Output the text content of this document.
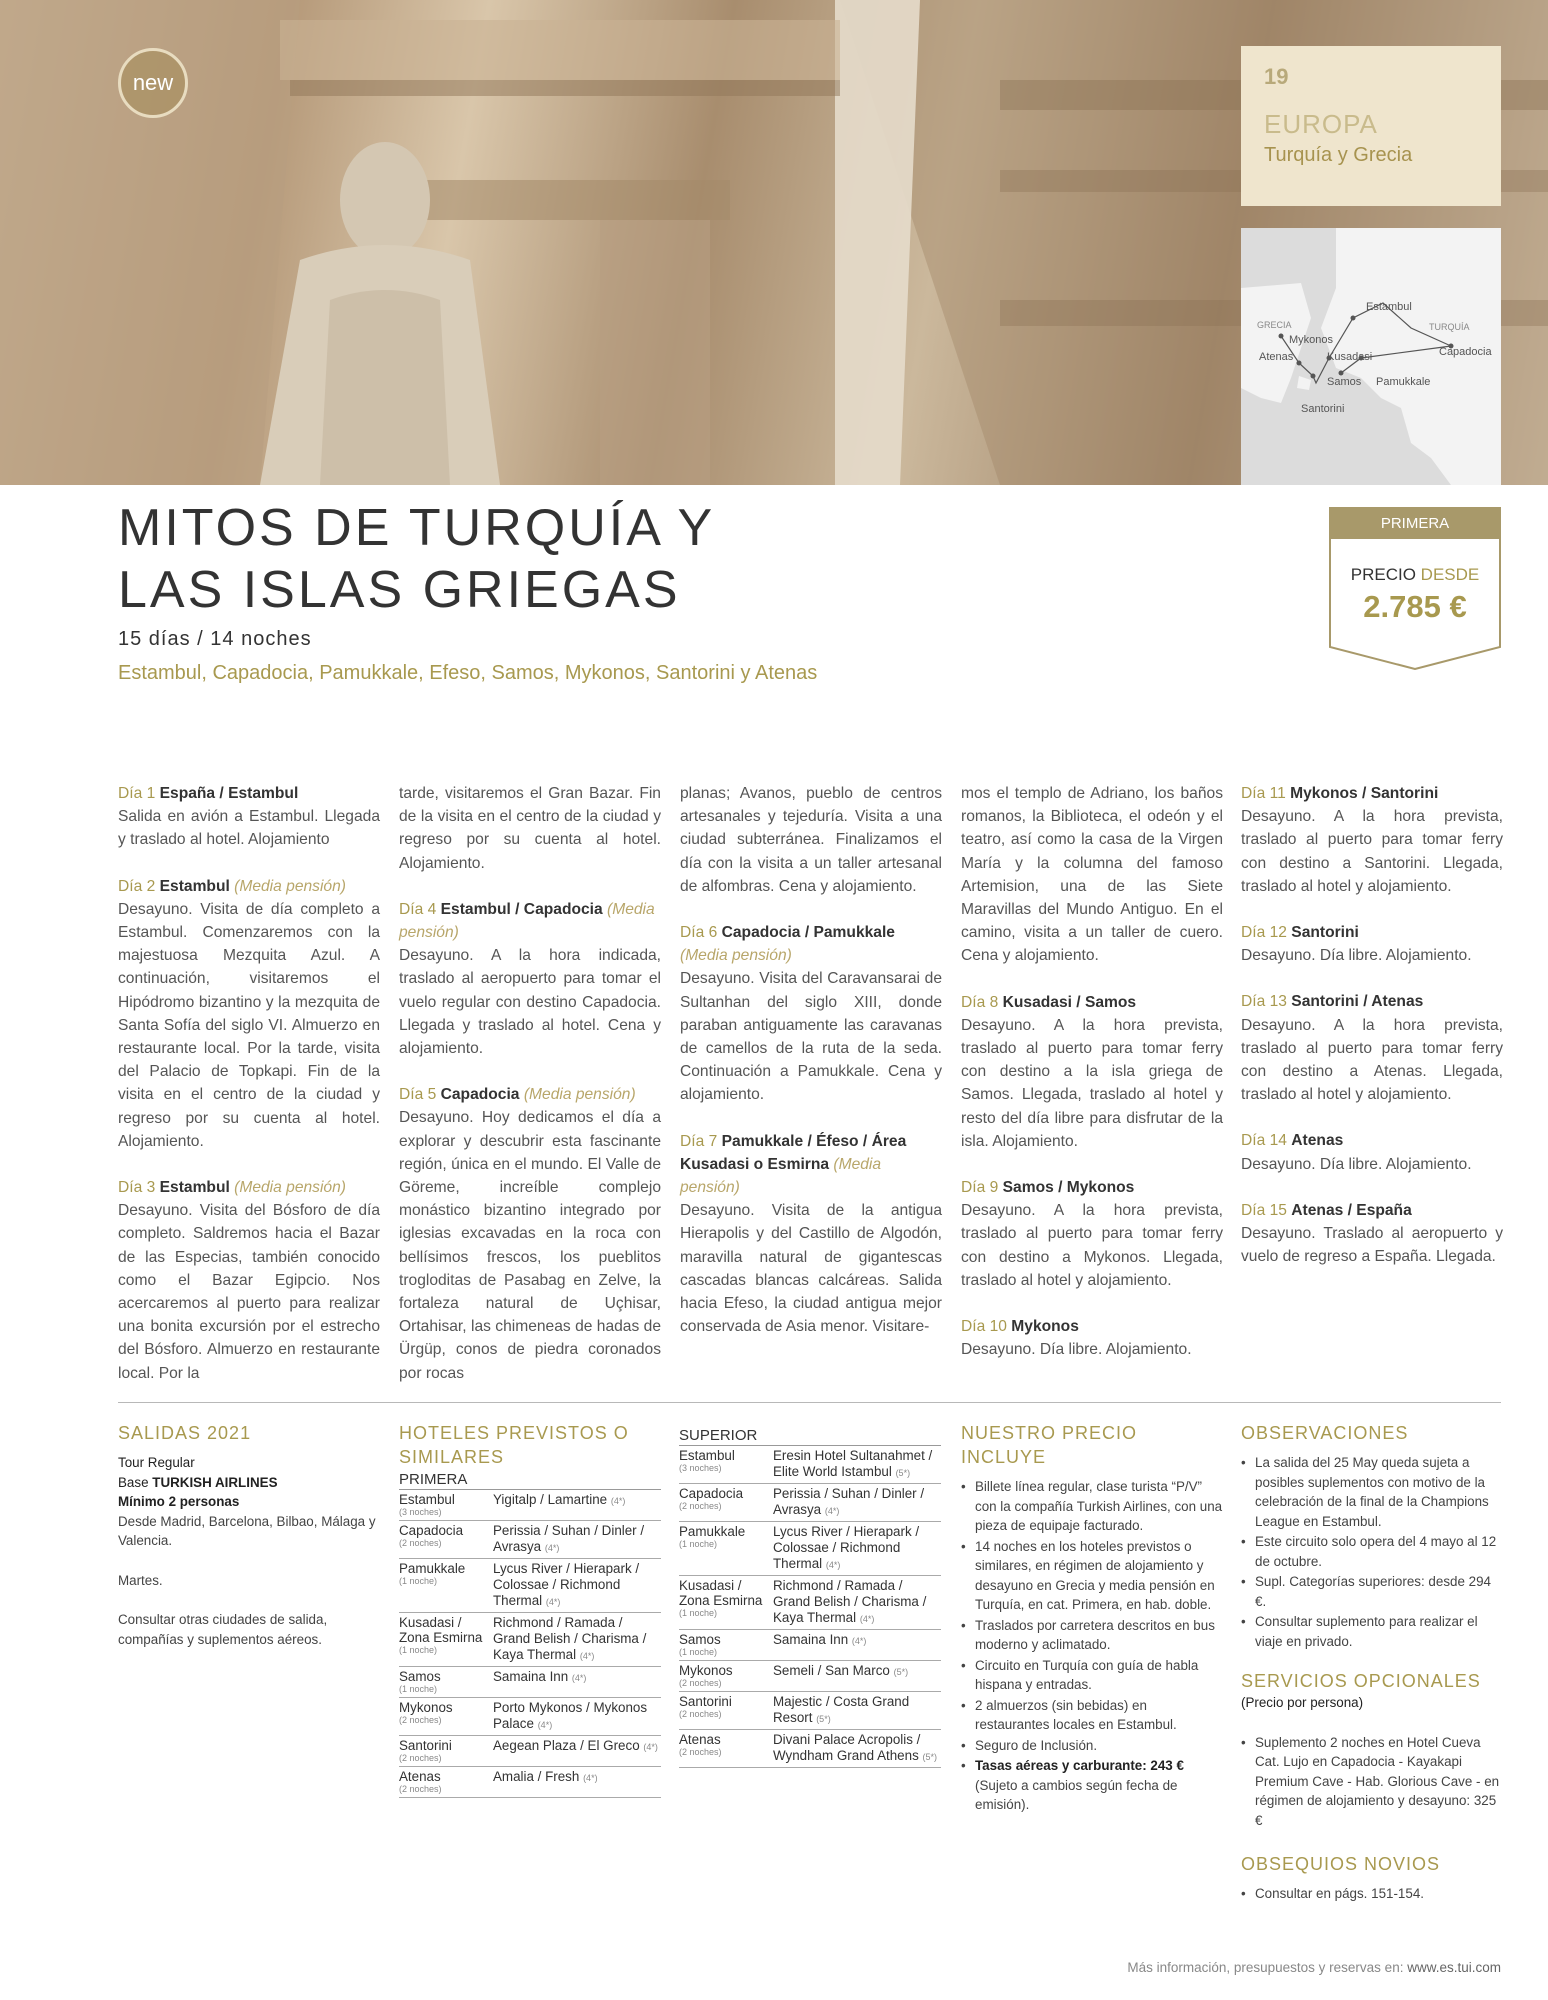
new	19
EUROPA
Turquía y Grecia
Estambul
TURQUÍA
GRECIA
Mykonos
Kusadasi	Capadocia
Atenas
Samos Pamukkale
Santorini
MITOS DE TURQUÍA Y
LAS ISLAS GRIEGAS
15 días / 14 noches
Estambul, Capadocia, Pamukkale, Efeso, Samos, Mykonos, Santorini y Atenas
PRIMERA
PRECIO DESDE
2.785 €
Día 1 España / Estambul
Salida en avión a Estambul. Llegada y traslado al hotel. Alojamiento
Día 2 Estambul (Media pensión)
Desayuno. Visita de día completo a Estambul. Comenzaremos con la majestuosa Mezquita Azul. A continuación, visitaremos el Hipódromo bizantino y la mezquita de Santa Sofía del siglo VI. Almuerzo en restaurante local. Por la tarde, visita del Palacio de Topkapi. Fin de la visita en el centro de la ciudad y regreso por su cuenta al hotel. Alojamiento.
Día 3 Estambul (Media pensión)
Desayuno. Visita del Bósforo de día completo. Saldremos hacia el Bazar de las Especias, también conocido como el Bazar Egipcio. Nos acercaremos al puerto para realizar una bonita excursión por el estrecho del Bósforo. Almuerzo en restaurante local. Por la
tarde, visitaremos el Gran Bazar. Fin de la visita en el centro de la ciudad y regreso por su cuenta al hotel. Alojamiento.
Día 4 Estambul / Capadocia (Media pensión)
Desayuno. A la hora indicada, traslado al aeropuerto para tomar el vuelo regular con destino Capadocia. Llegada y traslado al hotel. Cena y alojamiento.
Día 5 Capadocia (Media pensión)
Desayuno. Hoy dedicamos el día a explorar y descubrir esta fascinante región, única en el mundo. El Valle de Göreme, increíble complejo monástico bizantino integrado por iglesias excavadas en la roca con bellísimos frescos, los pueblitos trogloditas de Pasabag en Zelve, la fortaleza natural de Uçhisar, Ortahisar, las chimeneas de hadas de Ürgüp, conos de piedra coronados por rocas
planas; Avanos, pueblo de centros artesanales y tejeduría. Visita a una ciudad subterránea. Finalizamos el día con la visita a un taller artesanal de alfombras. Cena y alojamiento.
Día 6 Capadocia / Pamukkale (Media pensión)
Desayuno. Visita del Caravansarai de Sultanhan del siglo XIII, donde paraban antiguamente las caravanas de camellos de la ruta de la seda. Continuación a Pamukkale. Cena y alojamiento.
Día 7 Pamukkale / Éfeso / Área Kusadasi o Esmirna (Media pensión)
Desayuno. Visita de la antigua Hierapolis y del Castillo de Algodón, maravilla natural de gigantescas cascadas blancas calcáreas. Salida hacia Efeso, la ciudad antigua mejor conservada de Asia menor. Visitare-
mos el templo de Adriano, los baños romanos, la Biblioteca, el odeón y el teatro, así como la casa de la Virgen María y la columna del famoso Artemision, una de las Siete Maravillas del Mundo Antiguo. En el camino, visita a un taller de cuero. Cena y alojamiento.
Día 8 Kusadasi / Samos
Desayuno. A la hora prevista, traslado al puerto para tomar ferry con destino a la isla griega de Samos. Llegada, traslado al hotel y resto del día libre para disfrutar de la isla. Alojamiento.
Día 9 Samos / Mykonos
Desayuno. A la hora prevista, traslado al puerto para tomar ferry con destino a Mykonos. Llegada, traslado al hotel y alojamiento.
Día 10 Mykonos
Desayuno. Día libre. Alojamiento.
Día 11 Mykonos / Santorini
Desayuno. A la hora prevista, traslado al puerto para tomar ferry con destino a Santorini. Llegada, traslado al hotel y alojamiento.
Día 12 Santorini
Desayuno. Día libre. Alojamiento.
Día 13 Santorini / Atenas
Desayuno. A la hora prevista, traslado al puerto para tomar ferry con destino a Atenas. Llegada, traslado al hotel y alojamiento.
Día 14 Atenas
Desayuno. Día libre. Alojamiento.
Día 15 Atenas / España
Desayuno. Traslado al aeropuerto y vuelo de regreso a España. Llegada.
SALIDAS 2021
Tour Regular
Base TURKISH AIRLINES
Mínimo 2 personas
Desde Madrid, Barcelona, Bilbao, Málaga y Valencia.
Martes.
Consultar otras ciudades de salida, compañías y suplementos aéreos.
HOTELES PREVISTOS O SIMILARES
PRIMERA
Estambul
(3 noches)
Yigitalp / Lamartine (4*)
Capadocia
(2 noches)
Perissia / Suhan / Dinler / Avrasya (4*)
Pamukkale
(1 noche)
Lycus River / Hierapark / Colossae / Richmond Thermal (4*)
Kusadasi / Zona Esmirna
(1 noche)
Richmond / Ramada / Grand Belish / Charisma / Kaya Thermal (4*)
Samos
(1 noche)
Samaina Inn (4*)
Mykonos
(2 noches)
Porto Mykonos / Mykonos Palace (4*)
Santorini
(2 noches)
Aegean Plaza / El Greco (4*)
Atenas
(2 noches)
Amalia / Fresh (4*)
SUPERIOR
Estambul
(3 noches)
Eresin Hotel Sultanahmet / Elite World Istambul (5*)
Capadocia
(2 noches)
Perissia / Suhan / Dinler / Avrasya (4*)
Pamukkale
(1 noche)
Lycus River / Hierapark / Colossae / Richmond Thermal (4*)
Kusadasi / Zona Esmirna
(1 noche)
Richmond / Ramada / Grand Belish / Charisma / Kaya Thermal (4*)
Samos
(1 noche)
Samaina Inn (4*)
Mykonos
(2 noches)
Semeli / San Marco (5*)
Santorini
(2 noches)
Majestic / Costa Grand Resort (5*)
Atenas
(2 noches)
Divani Palace Acropolis / Wyndham Grand Athens (5*)
NUESTRO PRECIO INCLUYE
• Billete línea regular, clase turista “P/V” con la compañía Turkish Airlines, con una pieza de equipaje facturado.
• 14 noches en los hoteles previstos o similares, en régimen de alojamiento y desayuno en Grecia y media pensión en Turquía, en cat. Primera, en hab. doble.
• Traslados por carretera descritos en bus moderno y aclimatado.
• Circuito en Turquía con guía de habla hispana y entradas.
• 2 almuerzos (sin bebidas) en restaurantes locales en Estambul.
• Seguro de Inclusión.
• Tasas aéreas y carburante: 243 €
(Sujeto a cambios según fecha de emisión).
OBSERVACIONES
• La salida del 25 May queda sujeta a posibles suplementos con motivo de la celebración de la final de la Champions League en Estambul.
• Este circuito solo opera del 4 mayo al 12 de octubre.
• Supl. Categorías superiores: desde 294 €.
• Consultar suplemento para realizar el viaje en privado.
SERVICIOS OPCIONALES
(Precio por persona)
• Suplemento 2 noches en Hotel Cueva Cat. Lujo en Capadocia - Kayakapi Premium Cave - Hab. Glorious Cave - en régimen de alojamiento y desayuno: 325 €
OBSEQUIOS NOVIOS
• Consultar en págs. 151-154.
Más información, presupuestos y reservas en: www.es.tui.com
